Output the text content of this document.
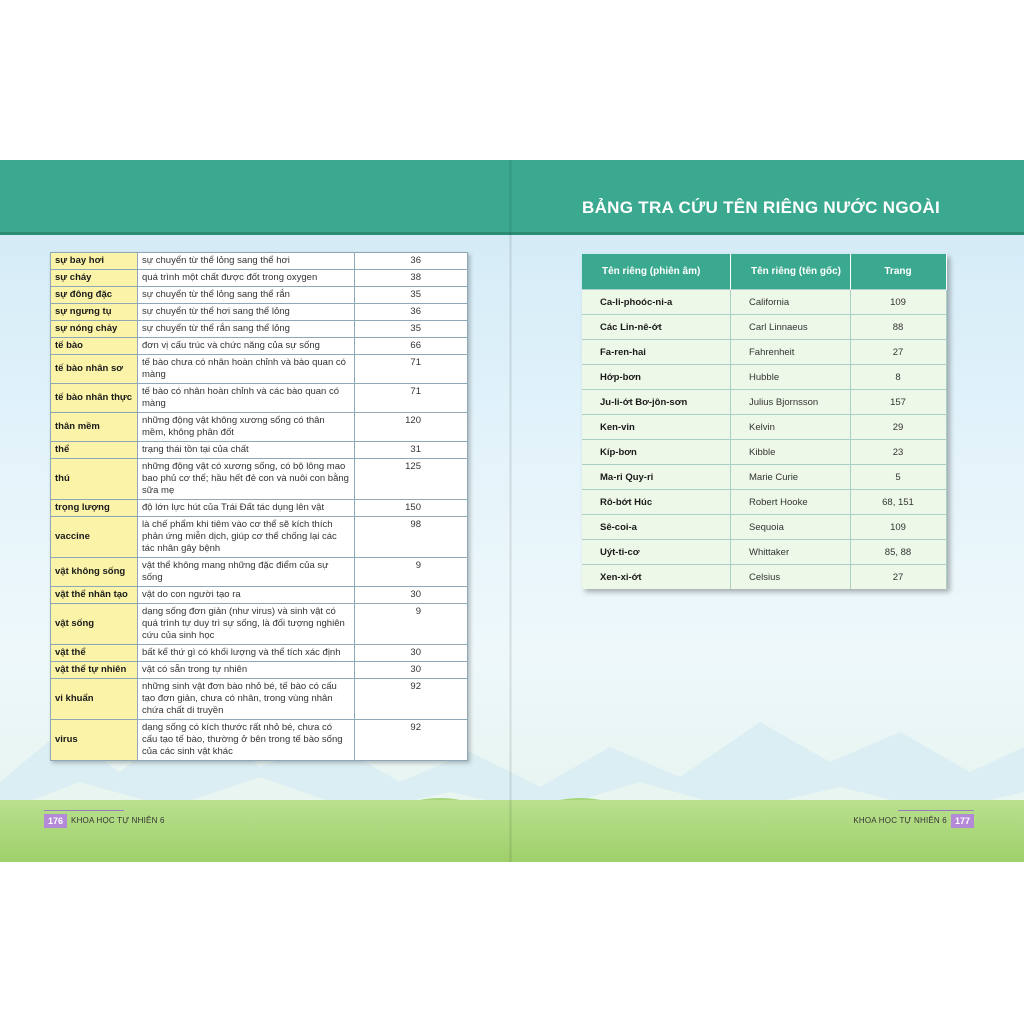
BẢNG TRA CỨU TÊN RIÊNG NƯỚC NGOÀI
sự bay hơi	sự chuyển từ thể lỏng sang thể hơi	36
sự cháy	quá trình một chất được đốt trong oxygen	38
sự đông đặc	sự chuyển từ thể lỏng sang thể rắn	35
sự ngưng tụ	sự chuyển từ thể hơi sang thể lỏng	36
sự nóng chảy	sự chuyển từ thể rắn sang thể lỏng	35
tế bào	đơn vị cấu trúc và chức năng của sự sống	66
tế bào nhân sơ	tế bào chưa có nhân hoàn chỉnh và bào quan có màng	71
tế bào nhân thực	tế bào có nhân hoàn chỉnh và các bào quan có màng	71
thân mềm	những động vật không xương sống có thân mềm, không phân đốt	120
thể	trạng thái tồn tại của chất	31
thú	những động vật có xương sống, có bộ lông mao bao phủ cơ thể; hầu hết đẻ con và nuôi con bằng sữa mẹ	125
trọng lượng	độ lớn lực hút của Trái Đất tác dụng lên vật	150
vaccine	là chế phẩm khi tiêm vào cơ thể sẽ kích thích phản ứng miễn dịch, giúp cơ thể chống lại các tác nhân gây bệnh	98
vật không sống	vật thể không mang những đặc điểm của sự sống	9
vật thể nhân tạo	vật do con người tạo ra	30
vật sống	dạng sống đơn giản (như virus) và sinh vật có quá trình tự duy trì sự sống, là đối tượng nghiên cứu của sinh học	9
vật thể	bất kể thứ gì có khối lượng và thể tích xác định	30
vật thể tự nhiên	vật có sẵn trong tự nhiên	30
vi khuẩn	những sinh vật đơn bào nhỏ bé, tế bào có cấu tạo đơn giản, chưa có nhân, trong vùng nhân chứa chất di truyền	92
virus	dạng sống có kích thước rất nhỏ bé, chưa có cấu tạo tế bào, thường ở bên trong tế bào sống của các sinh vật khác	92
Tên riêng (phiên âm)	Tên riêng (tên gốc)	Trang
Ca-li-phoóc-ni-a	California	109
Các Lin-nê-ớt	Carl Linnaeus	88
Fa-ren-hai	Fahrenheit	27
Hớp-bơn	Hubble	8
Ju-li-ớt Bơ-jôn-sơn	Julius Bjornsson	157
Ken-vin	Kelvin	29
Kíp-bơn	Kibble	23
Ma-ri Quy-ri	Marie Curie	5
Rô-bớt Húc	Robert Hooke	68, 151
Sê-coi-a	Sequoia	109
Uýt-ti-cơ	Whittaker	85, 88
Xen-xi-ớt	Celsius	27
176	KHOA HỌC TỰ NHIÊN 6	KHOA HỌC TỰ NHIÊN 6 177
